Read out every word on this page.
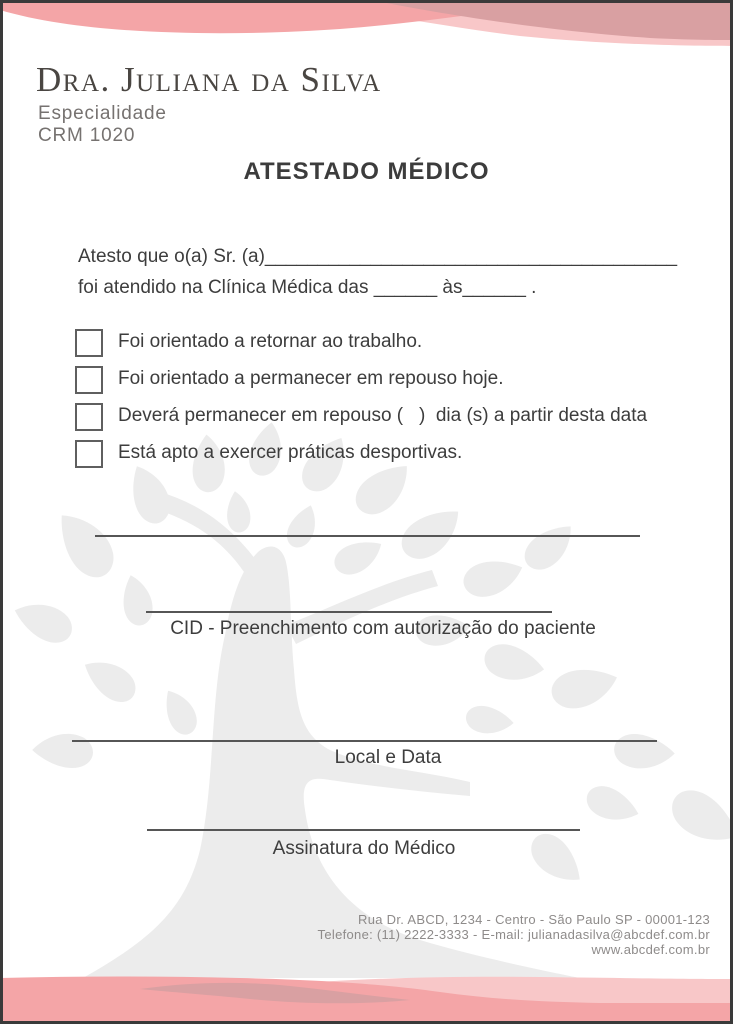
Dra. Juliana da Silva
Especialidade
CRM 1020
ATESTADO MÉDICO
Atesto que o(a) Sr. (a)_______________________________________
foi atendido na Clínica Médica das ______ às______ .
Foi orientado a retornar ao trabalho.
Foi orientado a permanecer em repouso hoje.
Deverá permanecer em repouso (   )  dia (s) a partir desta data
Está apto a exercer práticas desportivas.
CID - Preenchimento com autorização do paciente
Local e Data
Assinatura do Médico
Rua Dr. ABCD, 1234 - Centro - São Paulo SP - 00001-123
Telefone: (11) 2222-3333 - E-mail: julianadasilva@abcdef.com.br
www.abcdef.com.br
